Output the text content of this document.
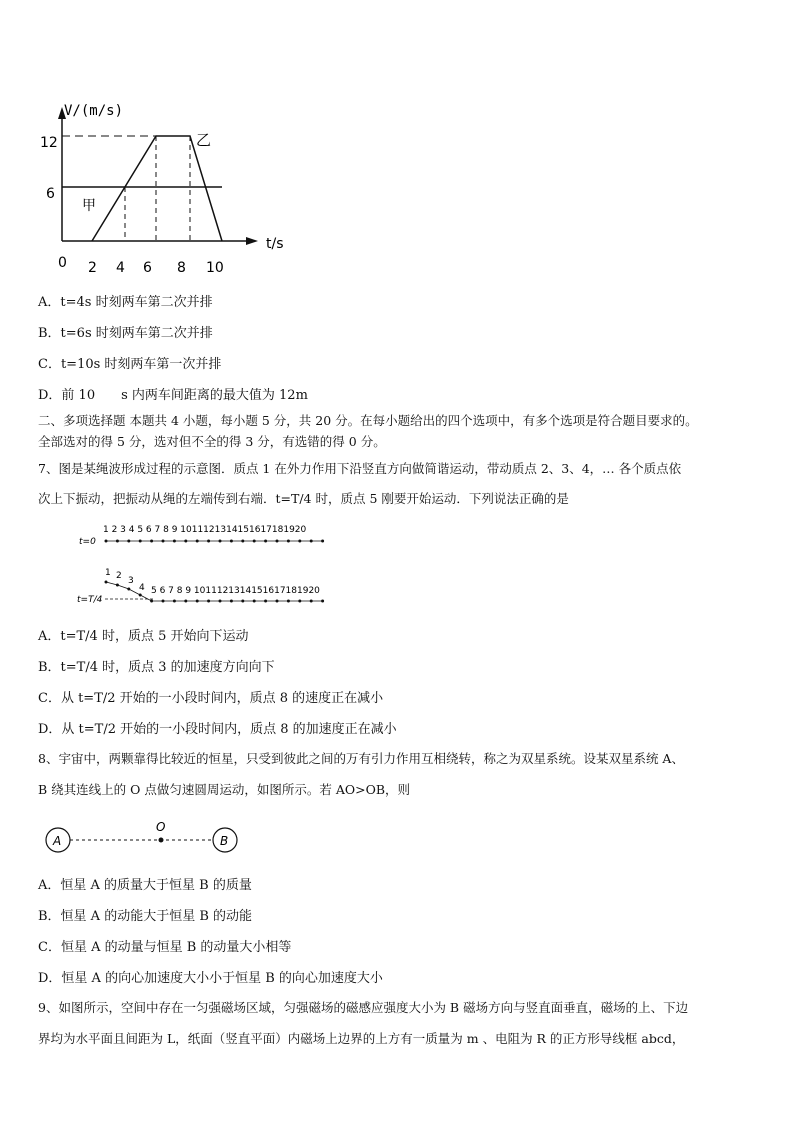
V/(m/s)
t/s
12
6
0 2 4 6 8 10
甲
乙
A．t=4s 时刻两车第二次并排
B．t=6s 时刻两车第二次并排
C．t=10s 时刻两车第一次并排
D．前 10　　s 内两车间距离的最大值为 12m
二、多项选择题 本题共 4 小题，每小题 5 分，共 20 分。在每小题给出的四个选项中，有多个选项是符合题目要求的。
全部选对的得 5 分，选对但不全的得 3 分，有选错的得 0 分。
7、图是某绳波形成过程的示意图．质点 1 在外力作用下沿竖直方向做简谐运动，带动质点 2、3、4，… 各个质点依
次上下振动，把振动从绳的左端传到右端．t=T/4 时，质点 5 刚要开始运动．下列说法正确的是
1 2 3 4 5 6 7 8 9 1011121314151617181920
t=0
t=T/4
1 2 3
4 5 6 7 8 9 1011121314151617181920
A．t=T/4 时，质点 5 开始向下运动
B．t=T/4 时，质点 3 的加速度方向向下
C．从 t=T/2 开始的一小段时间内，质点 8 的速度正在减小
D．从 t=T/2 开始的一小段时间内，质点 8 的加速度正在减小
8、宇宙中，两颗靠得比较近的恒星，只受到彼此之间的万有引力作用互相绕转，称之为双星系统。设某双星系统 A、
B 绕其连线上的 O 点做匀速圆周运动，如图所示。若 AO>OB，则
A
O
B
A．恒星 A 的质量大于恒星 B 的质量
B．恒星 A 的动能大于恒星 B 的动能
C．恒星 A 的动量与恒星 B 的动量大小相等
D．恒星 A 的向心加速度大小小于恒星 B 的向心加速度大小
9、如图所示，空间中存在一匀强磁场区域，匀强磁场的磁感应强度大小为 B 磁场方向与竖直面垂直，磁场的上、下边
界均为水平面且间距为 L，纸面（竖直平面）内磁场上边界的上方有一质量为 m 、电阻为 R 的正方形导线框 abcd，
